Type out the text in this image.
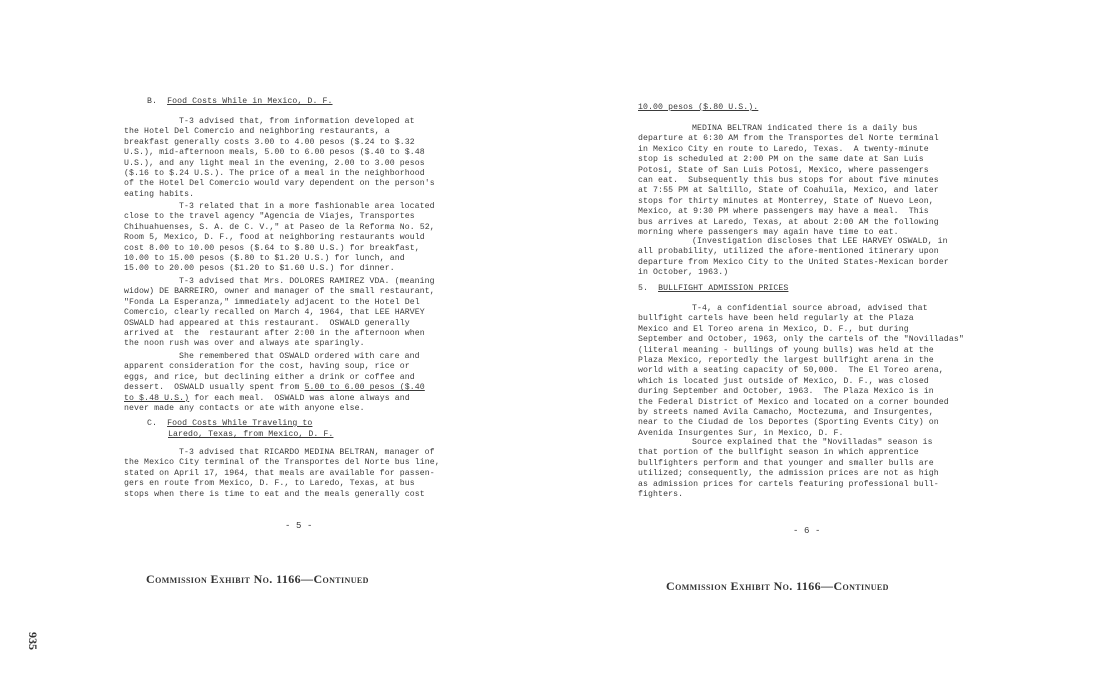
B. Food Costs While in Mexico, D. F.
T-3 advised that, from information developed at
the Hotel Del Comercio and neighboring restaurants, a
breakfast generally costs 3.00 to 4.00 pesos ($.24 to $.32
U.S.), mid-afternoon meals, 5.00 to 6.00 pesos ($.40 to $.48
U.S.), and any light meal in the evening, 2.00 to 3.00 pesos
($.16 to $.24 U.S.). The price of a meal in the neighborhood
of the Hotel Del Comercio would vary dependent on the person's
eating habits.
T-3 related that in a more fashionable area located
close to the travel agency "Agencia de Viajes, Transportes
Chihuahuenses, S. A. de C. V.," at Paseo de la Reforma No. 52,
Room 5, Mexico, D. F., food at neighboring restaurants would
cost 8.00 to 10.00 pesos ($.64 to $.80 U.S.) for breakfast,
10.00 to 15.00 pesos ($.80 to $1.20 U.S.) for lunch, and
15.00 to 20.00 pesos ($1.20 to $1.60 U.S.) for dinner.
T-3 advised that Mrs. DOLORES RAMIREZ VDA. (meaning
widow) DE BARREIRO, owner and manager of the small restaurant,
"Fonda La Esperanza," immediately adjacent to the Hotel Del
Comercio, clearly recalled on March 4, 1964, that LEE HARVEY
OSWALD had appeared at this restaurant.  OSWALD generally
arrived at  the  restaurant after 2:00 in the afternoon when
the noon rush was over and always ate sparingly.
She remembered that OSWALD ordered with care and
apparent consideration for the cost, having soup, rice or
eggs, and rice, but declining either a drink or coffee and
dessert.  OSWALD usually spent from 5.00 to 6.00 pesos ($.40
to $.48 U.S.) for each meal.  OSWALD was alone always and
never made any contacts or ate with anyone else.
C. Food Costs While Traveling to
Laredo, Texas, from Mexico, D. F.
T-3 advised that RICARDO MEDINA BELTRAN, manager of
the Mexico City terminal of the Transportes del Norte bus line,
stated on April 17, 1964, that meals are available for passen-
gers en route from Mexico, D. F., to Laredo, Texas, at bus
stops when there is time to eat and the meals generally cost
- 5 -
Commission Exhibit No. 1166—Continued
935
10.00 pesos ($.80 U.S.).
MEDINA BELTRAN indicated there is a daily bus
departure at 6:30 AM from the Transportes del Norte terminal
in Mexico City en route to Laredo, Texas.  A twenty-minute
stop is scheduled at 2:00 PM on the same date at San Luis
Potosi, State of San Luis Potosi, Mexico, where passengers
can eat.  Subsequently this bus stops for about five minutes
at 7:55 PM at Saltillo, State of Coahuila, Mexico, and later
stops for thirty minutes at Monterrey, State of Nuevo Leon,
Mexico, at 9:30 PM where passengers may have a meal.  This
bus arrives at Laredo, Texas, at about 2:00 AM the following
morning where passengers may again have time to eat.
(Investigation discloses that LEE HARVEY OSWALD, in
all probability, utilized the afore-mentioned itinerary upon
departure from Mexico City to the United States-Mexican border
in October, 1963.)
5. BULLFIGHT ADMISSION PRICES
T-4, a confidential source abroad, advised that
bullfight cartels have been held regularly at the Plaza
Mexico and El Toreo arena in Mexico, D. F., but during
September and October, 1963, only the cartels of the "Novilladas"
(literal meaning - bullings of young bulls) was held at the
Plaza Mexico, reportedly the largest bullfight arena in the
world with a seating capacity of 50,000.  The El Toreo arena,
which is located just outside of Mexico, D. F., was closed
during September and October, 1963.  The Plaza Mexico is in
the Federal District of Mexico and located on a corner bounded
by streets named Avila Camacho, Moctezuma, and Insurgentes,
near to the Ciudad de los Deportes (Sporting Events City) on
Avenida Insurgentes Sur, in Mexico, D. F.
Source explained that the "Novilladas" season is
that portion of the bullfight season in which apprentice
bullfighters perform and that younger and smaller bulls are
utilized; consequently, the admission prices are not as high
as admission prices for cartels featuring professional bull-
fighters.
- 6 -
Commission Exhibit No. 1166—Continued
